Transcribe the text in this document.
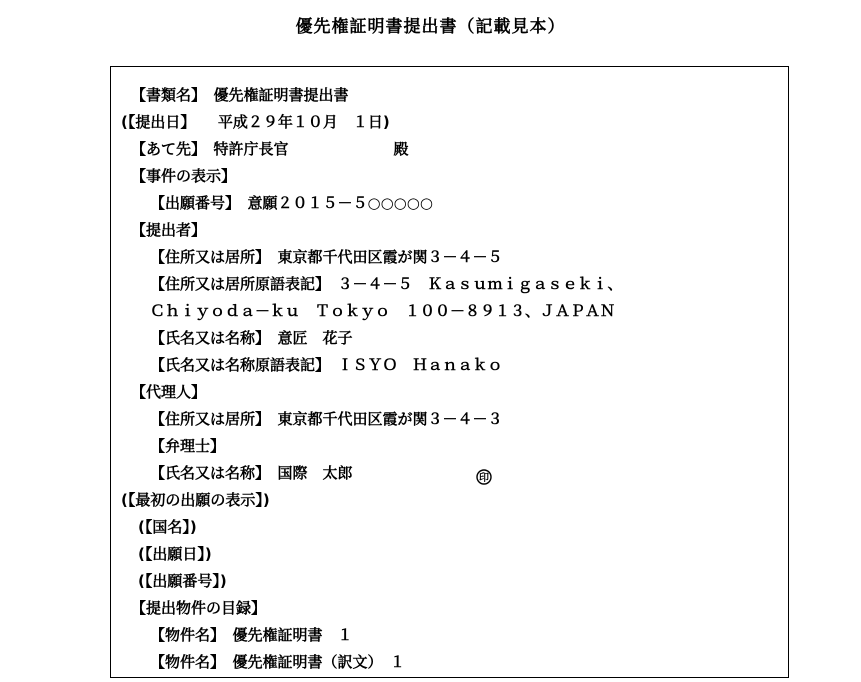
優先権証明書提出書（記載見本）
【書類名】　優先権証明書提出書
(【提出日】　　平成２９年１０月　１日)
【あて先】　特許庁長官　　　　　　　殿
【事件の表示】
【出願番号】　意願２０１５－５○○○○○
【提出者】
【住所又は居所】　東京都千代田区霞が関３－４－５
【住所又は居所原語表記】　３－４－５　Ｋａｓｕｍｉｇａｓｅｋｉ、
Ｃｈｉｙｏｄａ－ｋｕ　Ｔｏｋｙｏ　１００－８９１３、ＪＡＰＡＮ
【氏名又は名称】　意匠　花子
【氏名又は名称原語表記】　ＩＳＹＯ　Ｈａｎａｋｏ
【代理人】
【住所又は居所】　東京都千代田区霞が関３－４－３
【弁理士】
【氏名又は名称】　国際　太郎	印
(【最初の出願の表示】)
(【国名】)
(【出願日】)
(【出願番号】)
【提出物件の目録】
【物件名】　優先権証明書　１
【物件名】　優先権証明書（訳文）　１
